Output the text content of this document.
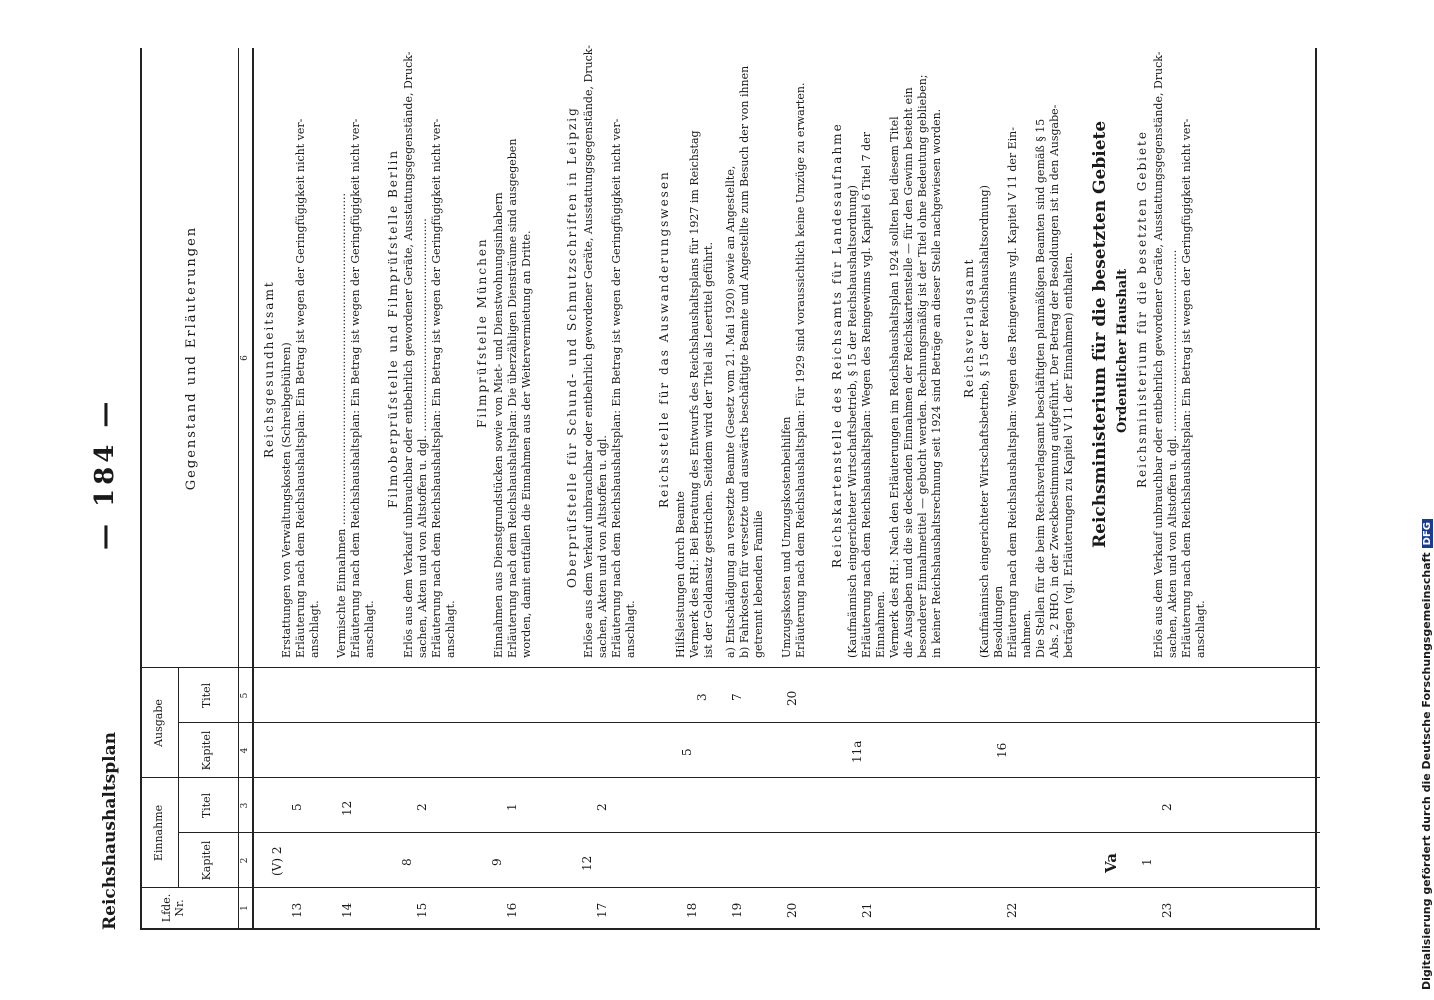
Reichshaushaltsplan
— 184 —
Lfde. Nr.
Einnahme
Ausgabe
Kapitel
Titel
Kapitel
Titel
Gegenstand und Erläuterungen
1
2
3
4
5
6
13
(V) 2
5
Reichsgesundheitsamt Erstattungen von Verwaltungskosten (Schreibgebühren) Erläuterung nach dem Reichshaushaltsplan: Ein Betrag ist wegen der Geringfügigkeit nicht ver- anschlagt.
14
12
Vermischte Einnahmen ............................................................................................... Erläuterung nach dem Reichshaushaltsplan: Ein Betrag ist wegen der Geringfügigkeit nicht ver- anschlagt.
15
8
2
Filmoberprüfstelle und Filmprüfstelle Berlin Erlös aus dem Verkauf unbrauchbar oder entbehrlich gewordener Geräte, Ausstattungsgegenstände, Druck- sachen, Akten und von Altstoffen u. dgl. ............................................................. Erläuterung nach dem Reichshaushaltsplan: Ein Betrag ist wegen der Geringfügigkeit nicht ver- anschlagt.
16
9
1
Filmprüfstelle München Einnahmen aus Dienstgrundstücken sowie von Miet- und Dienstwohnungsinhabern Erläuterung nach dem Reichshaushaltsplan: Die überzähligen Diensträume sind ausgegeben worden, damit entfallen die Einnahmen aus der Weitervermietung an Dritte.
17
12
2
Oberprüfstelle für Schund- und Schmutzschriften in Leipzig Erlöse aus dem Verkauf unbrauchbar oder entbehrlich gewordener Geräte, Ausstattungsgegenstände, Druck- sachen, Akten und von Altstoffen u. dgl. Erläuterung nach dem Reichshaushaltsplan: Ein Betrag ist wegen der Geringfügigkeit nicht ver- anschlagt.
18
5
3
Reichsstelle für das Auswanderungswesen
Hilfsleistungen durch Beamte Vermerk des RH.: Bei Beratung des Entwurfs des Reichshaushaltsplans für 1927 im Reichstag ist der Geldansatz gestrichen. Seitdem wird der Titel als Leertitel geführt.
19
7
a) Entschädigung an versetzte Beamte (Gesetz vom 21. Mai 1920) sowie an Angestellte, b) Fahrkosten für versetzte und auswärts beschäftigte Beamte und Angestellte zum Besuch der von ihnen getrennt lebenden Familie
20
20
Umzugskosten und Umzugskostenbeihilfen Erläuterung nach dem Reichshaushaltsplan: Für 1929 sind voraussichtlich keine Umzüge zu erwarten.
21
11a
Reichskartenstelle des Reichsamts für Landesaufnahme (Kaufmännisch eingerichteter Wirtschaftsbetrieb, § 15 der Reichshaushaltsordnung) Erläuterung nach dem Reichshaushaltsplan: Wegen des Reingewinns vgl. Kapitel 6 Titel 7 der Einnahmen. Vermerk des RH.: Nach den Erläuterungen im Reichshaushaltsplan 1924 sollten bei diesem Titel die Ausgaben und die sie deckenden Einnahmen der Reichskartenstelle — für den Gewinn besteht ein besonderer Einnahmetitel — gebucht werden. Rechnungsmäßig ist der Titel ohne Bedeutung geblieben; in keiner Reichshaushaltsrechnung seit 1924 sind Beträge an dieser Stelle nachgewiesen worden.
22
16
Reichsverlagsamt (Kaufmännisch eingerichteter Wirtschaftsbetrieb, § 15 der Reichshaushaltsordnung) Besoldungen Erläuterung nach dem Reichshaushaltsplan: Wegen des Reingewinns vgl. Kapitel V 11 der Ein- nahmen. Die Stellen für die beim Reichsverlagsamt beschäftigten planmäßigen Beamten sind gemäß § 15 Abs. 2 RHO. in der Zweckbestimmung aufgeführt. Der Betrag der Besoldungen ist in den Ausgabe- beträgen (vgl. Erläuterungen zu Kapitel V 11 der Einnahmen) enthalten.
Va
Reichsministerium für die besetzten Gebiete Ordentlicher Haushalt
23
1
2
Reichsministerium für die besetzten Gebiete Erlös aus dem Verkauf unbrauchbar oder entbehrlich gewordener Geräte, Ausstattungsgegenstände, Druck- sachen, Akten und von Altstoffen u. dgl. .................................................... Erläuterung nach dem Reichshaushaltsplan: Ein Betrag ist wegen der Geringfügigkeit nicht ver- anschlagt.	Digitalisierung gefördert durch die Deutsche ForschungsgemeinschaftDFG
